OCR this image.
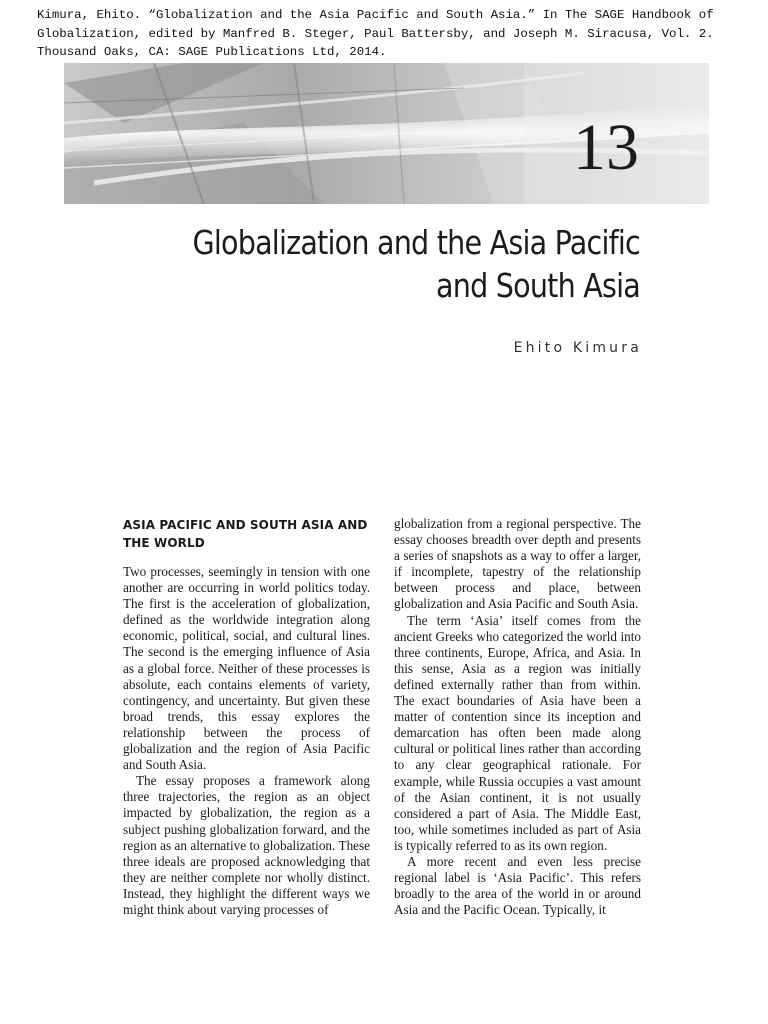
Kimura, Ehito. “Globalization and the Asia Pacific and South Asia.” In The SAGE Handbook of Globalization, edited by Manfred B. Steger, Paul Battersby, and Joseph M. Siracusa, Vol. 2. Thousand Oaks, CA: SAGE Publications Ltd, 2014.
13
Globalization and the Asia Pacific
and South Asia
Ehito Kimura
ASIA PACIFIC AND SOUTH ASIA AND THE WORLD

Two processes, seemingly in tension with one another are occurring in world politics today. The first is the acceleration of globalization, defined as the worldwide integration along economic, political, social, and cultural lines. The second is the emerging influence of Asia as a global force. Neither of these processes is absolute, each contains elements of variety, contingency, and uncertainty. But given these broad trends, this essay explores the relationship between the process of globalization and the region of Asia Pacific and South Asia.

The essay proposes a framework along three trajectories, the region as an object impacted by globalization, the region as a subject pushing globalization forward, and the region as an alternative to globalization. These three ideals are proposed acknowledging that they are neither complete nor wholly distinct. Instead, they highlight the different ways we might think about varying processes of

globalization from a regional perspective. The essay chooses breadth over depth and presents a series of snapshots as a way to offer a larger, if incomplete, tapestry of the relationship between process and place, between globalization and Asia Pacific and South Asia.

The term ‘Asia’ itself comes from the ancient Greeks who categorized the world into three continents, Europe, Africa, and Asia. In this sense, Asia as a region was initially defined externally rather than from within. The exact boundaries of Asia have been a matter of contention since its inception and demarcation has often been made along cultural or political lines rather than according to any clear geographical rationale. For example, while Russia occupies a vast amount of the Asian continent, it is not usually considered a part of Asia. The Middle East, too, while sometimes included as part of Asia is typically referred to as its own region.

A more recent and even less precise regional label is ‘Asia Pacific’. This refers broadly to the area of the world in or around Asia and the Pacific Ocean. Typically, it
